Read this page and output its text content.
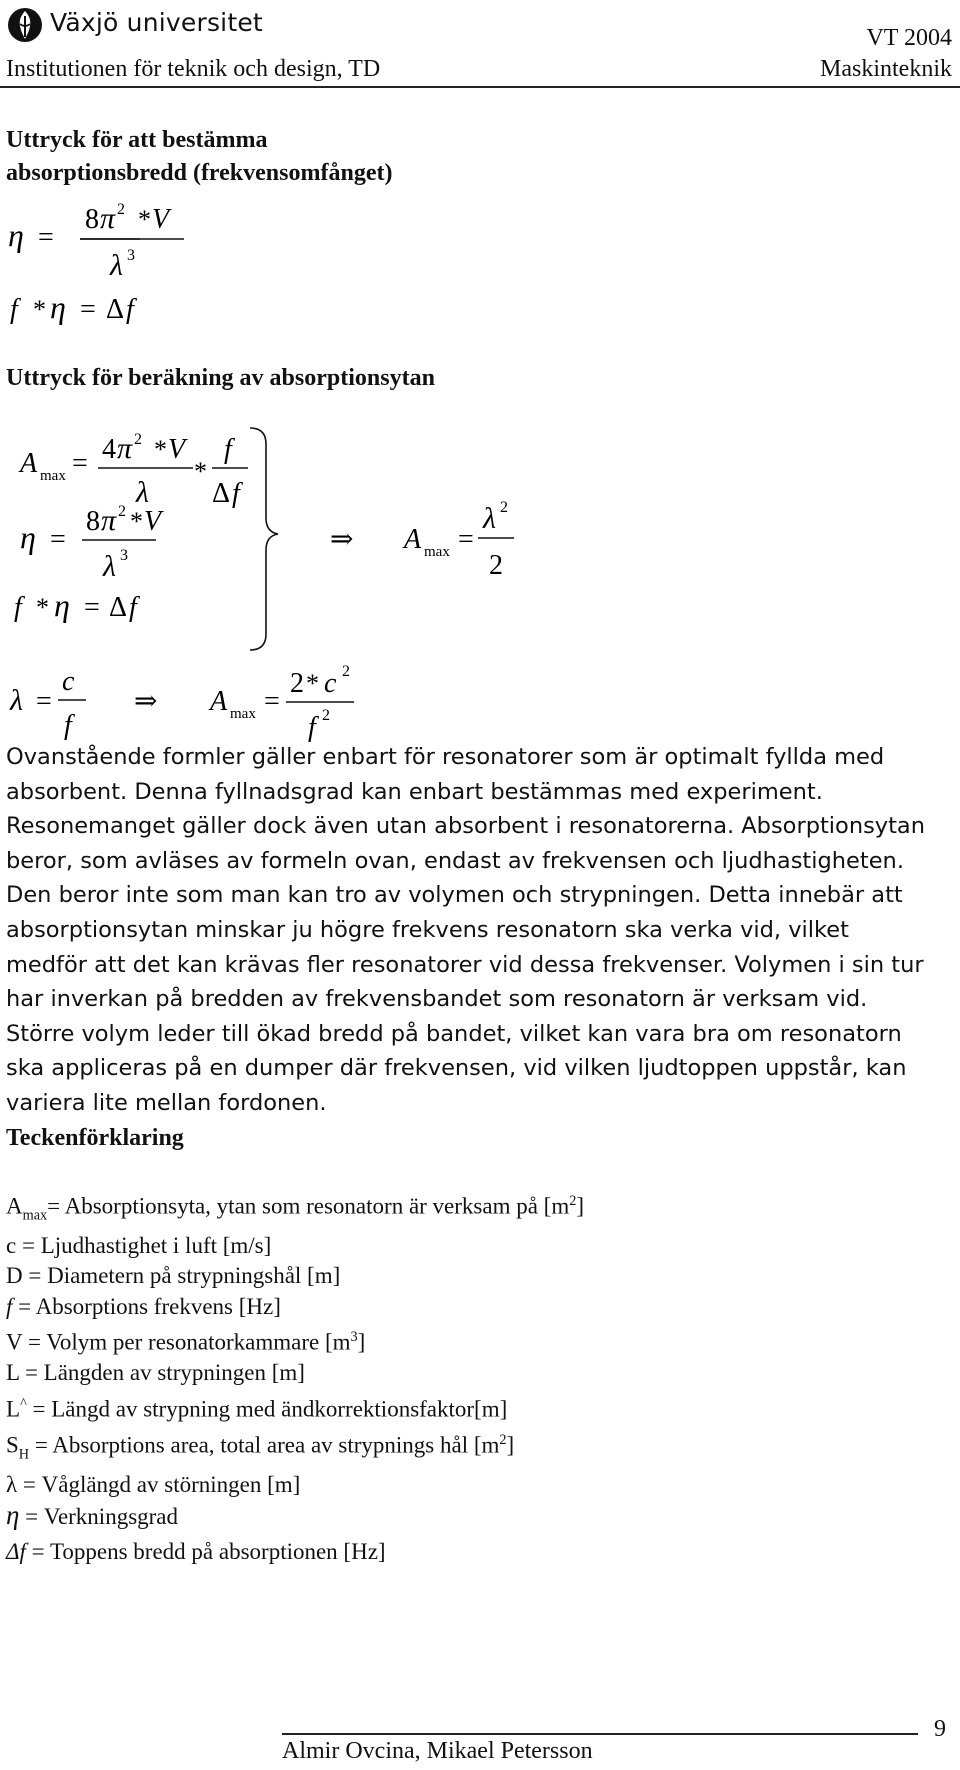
Växjö universitet
VT 2004
Institutionen för teknik och design, TD	Maskinteknik
Uttryck för att bestämma
absorptionsbredd (frekvensomfånget)
η =
8 π 2 * V
λ 3
f * η = Δ f
Uttryck för beräkning av absorptionsytan
A max = 4 π 2 * V
λ
*
f
Δ f
η =
8 π 2 * V
λ 3
f * η = Δ f
⇒ A max =
λ 2
2
λ =
c
f
⇒ A max =
2 * c 2
f 2
Ovanstående formler gäller enbart för resonatorer som är optimalt fyllda med absorbent. Denna fyllnadsgrad kan enbart bestämmas med experiment. Resonemanget gäller dock även utan absorbent i resonatorerna. Absorptionsytan beror, som avläses av formeln ovan, endast av frekvensen och ljudhastigheten. Den beror inte som man kan tro av volymen och strypningen. Detta innebär att absorptionsytan minskar ju högre frekvens resonatorn ska verka vid, vilket medför att det kan krävas fler resonatorer vid dessa frekvenser. Volymen i sin tur har inverkan på bredden av frekvensbandet som resonatorn är verksam vid. Större volym leder till ökad bredd på bandet, vilket kan vara bra om resonatorn ska appliceras på en dumper där frekvensen, vid vilken ljudtoppen uppstår, kan variera lite mellan fordonen.
Teckenförklaring
$A_{max}=$ Absorptionsyta, ytan som resonatorn är verksam på $[m^2]$
c = Ljudhastighet i luft [m/s]
D = Diametern på strypningshål [m]
f = Absorptions frekvens [Hz]
V = Volym per resonatorkammare $[m^3]$
L = Längden av strypningen [m]
L^ = Längd av strypning med ändkorrektionsfaktor[m]
$S_H$ = Absorptions area, total area av strypnings hål $[m^2]$
λ = Våglängd av störningen [m]
η = Verkningsgrad
Δf = Toppens bredd på absorptionen [Hz]
Almir Ovcina, Mikael Petersson
9
